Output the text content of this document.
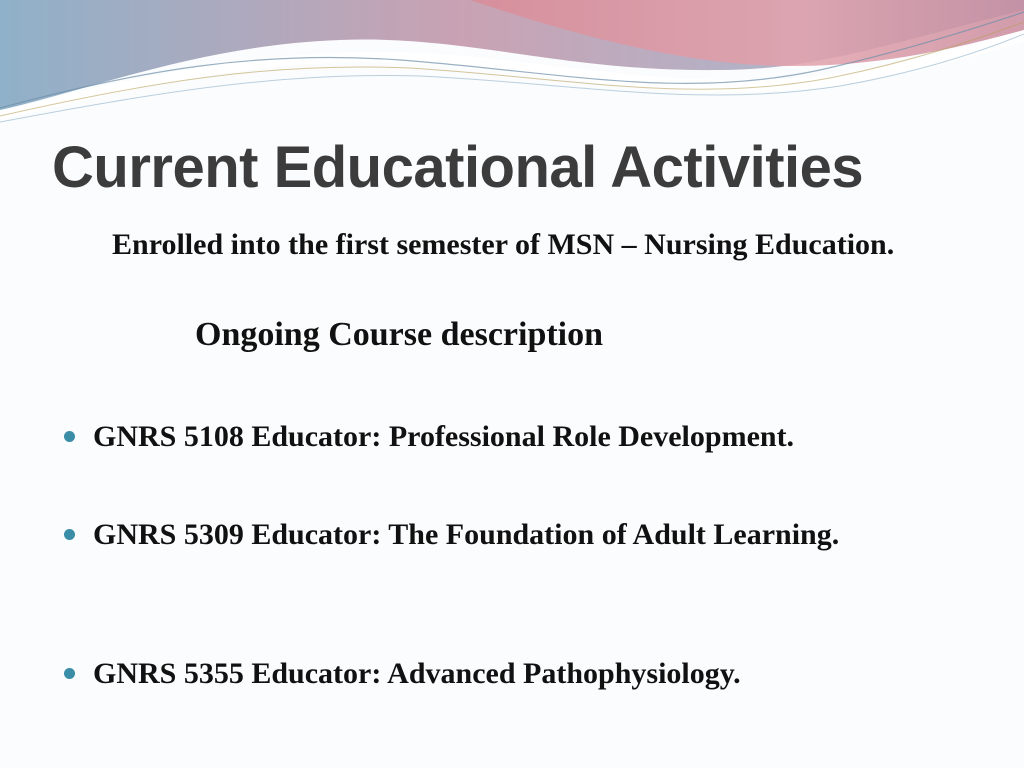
Current Educational Activities

Enrolled into the first semester of MSN – Nursing Education.

Ongoing Course description

GNRS 5108 Educator: Professional Role Development.
GNRS 5309 Educator: The Foundation of Adult Learning.
GNRS 5355 Educator: Advanced Pathophysiology.
